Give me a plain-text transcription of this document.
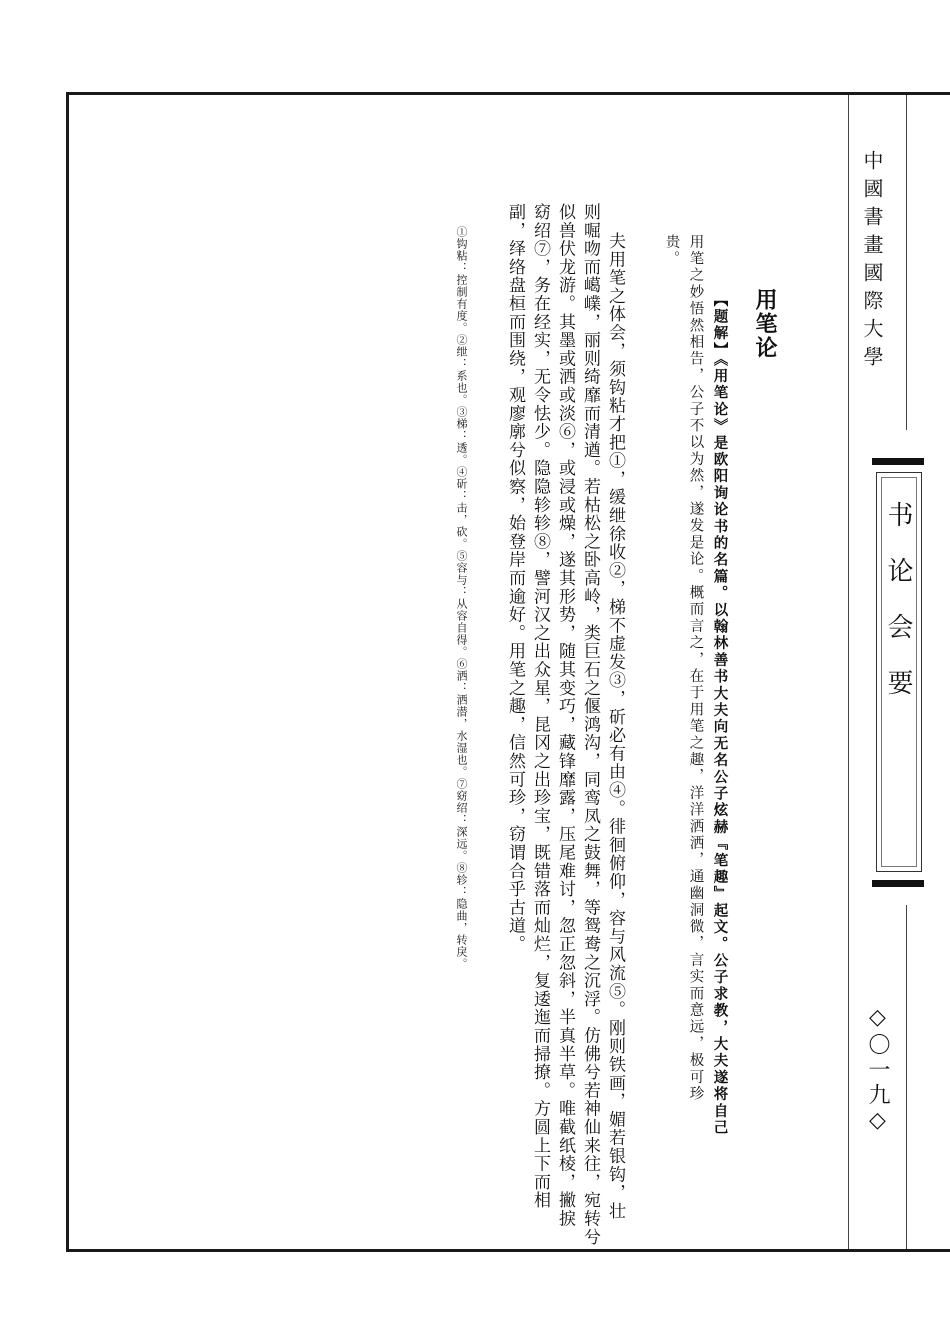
中國書畫國際大學
书论会要
◇〇一九◇
用笔论
【题解】《用笔论》是欧阳询论书的名篇。以翰林善书大夫向无名公子炫赫『笔趣』起文。公子求教，大夫遂将自己
用笔之妙悟然相告，公子不以为然，遂发是论。概而言之，在于用笔之趣，洋洋洒洒，通幽洞微，言实而意远，极可珍
贵。
夫用笔之体会，须钩粘才把①，缓绁徐收②，梯不虚发③，斫必有由④。徘徊俯仰，容与风流⑤。刚则铁画，媚若银钩，壮
则啒吻而嶱嶫，丽则绮靡而清遒。若枯松之卧高岭，类巨石之偃鸿沟，同鸾凤之鼓舞，等鸳鸯之沉浮。仿佛兮若神仙来往，宛转兮
似兽伏龙游。其墨或洒或淡⑥，或浸或燥，遂其形势，随其变巧，藏锋靡露，压尾难讨，忽正忽斜，半真半草。唯截纸棱，撇捩
窈绍⑦，务在经实，无令怯少。隐隐轸轸⑧，譬河汉之出众星，昆冈之出珍宝，既错落而灿烂，复逶迤而掃撩。方圆上下而相
副，绎络盘桓而围绕，观廖廓兮似察，始登岸而逾好。用笔之趣，信然可珍，窃谓合乎古道。
①钩粘：控制有度。②绁：系也。③梯：透。④斫：击，砍。⑤容与：从容自得。⑥洒：洒潜，水湿也。⑦窈绍：深远。⑧轸：隐曲，转戾。
